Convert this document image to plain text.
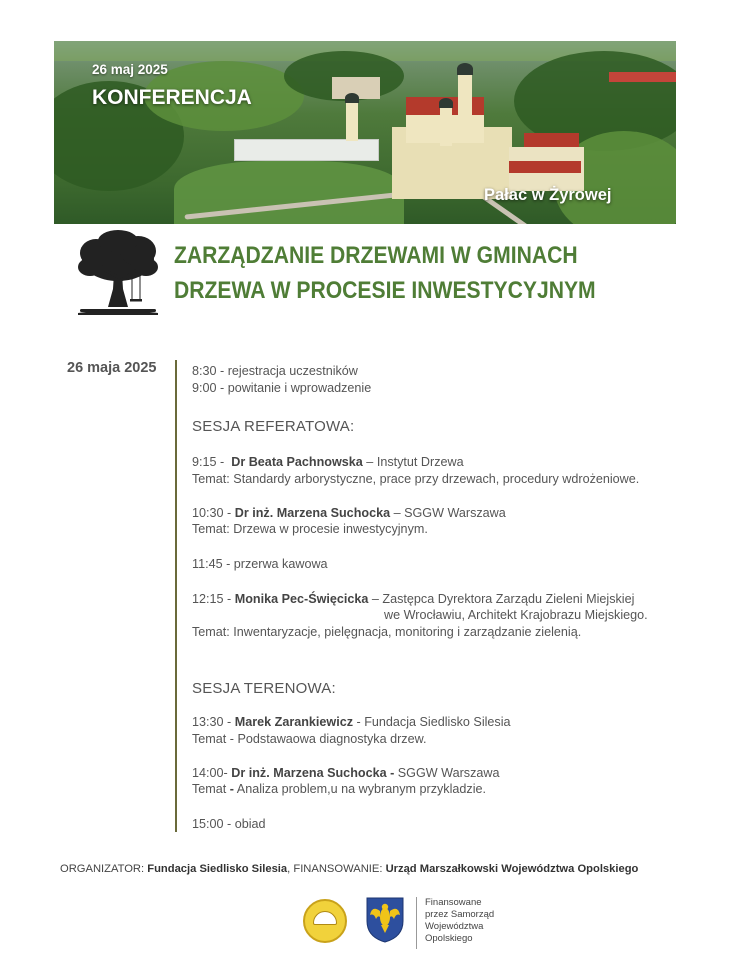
26 maj 2025
KONFERENCJA
Pałac w Żyrowej
ZARZĄDZANIE DRZEWAMI W GMINACH
DRZEWA W PROCESIE INWESTYCYJNYM
26 maja 2025	8:30 - rejestracja uczestników
9:00 - powitanie i wprowadzenie
SESJA REFERATOWA:
9:15 - Dr Beata Pachnowska – Instytut Drzewa
Temat: Standardy arborystyczne, prace przy drzewach, procedury wdrożeniowe.
10:30 - Dr inż. Marzena Suchocka – SGGW Warszawa
Temat: Drzewa w procesie inwestycyjnym.
11:45 - przerwa kawowa
12:15 - Monika Pec-Święcicka – Zastępca Dyrektora Zarządu Zieleni Miejskiej
we Wrocławiu, Architekt Krajobrazu Miejskiego.
Temat: Inwentaryzacje, pielęgnacja, monitoring i zarządzanie zielenią.
SESJA TERENOWA:
13:30 - Marek Zarankiewicz - Fundacja Siedlisko Silesia
Temat - Podstawaowa diagnostyka drzew.
14:00- Dr inż. Marzena Suchocka - SGGW Warszawa
Temat - Analiza problem,u na wybranym przykladzie.
15:00 - obiad
ORGANIZATOR: Fundacja Siedlisko Silesia, FINANSOWANIE: Urząd Marszałkowski Województwa Opolskiego
Finansowane
przez Samorząd
Województwa
Opolskiego
